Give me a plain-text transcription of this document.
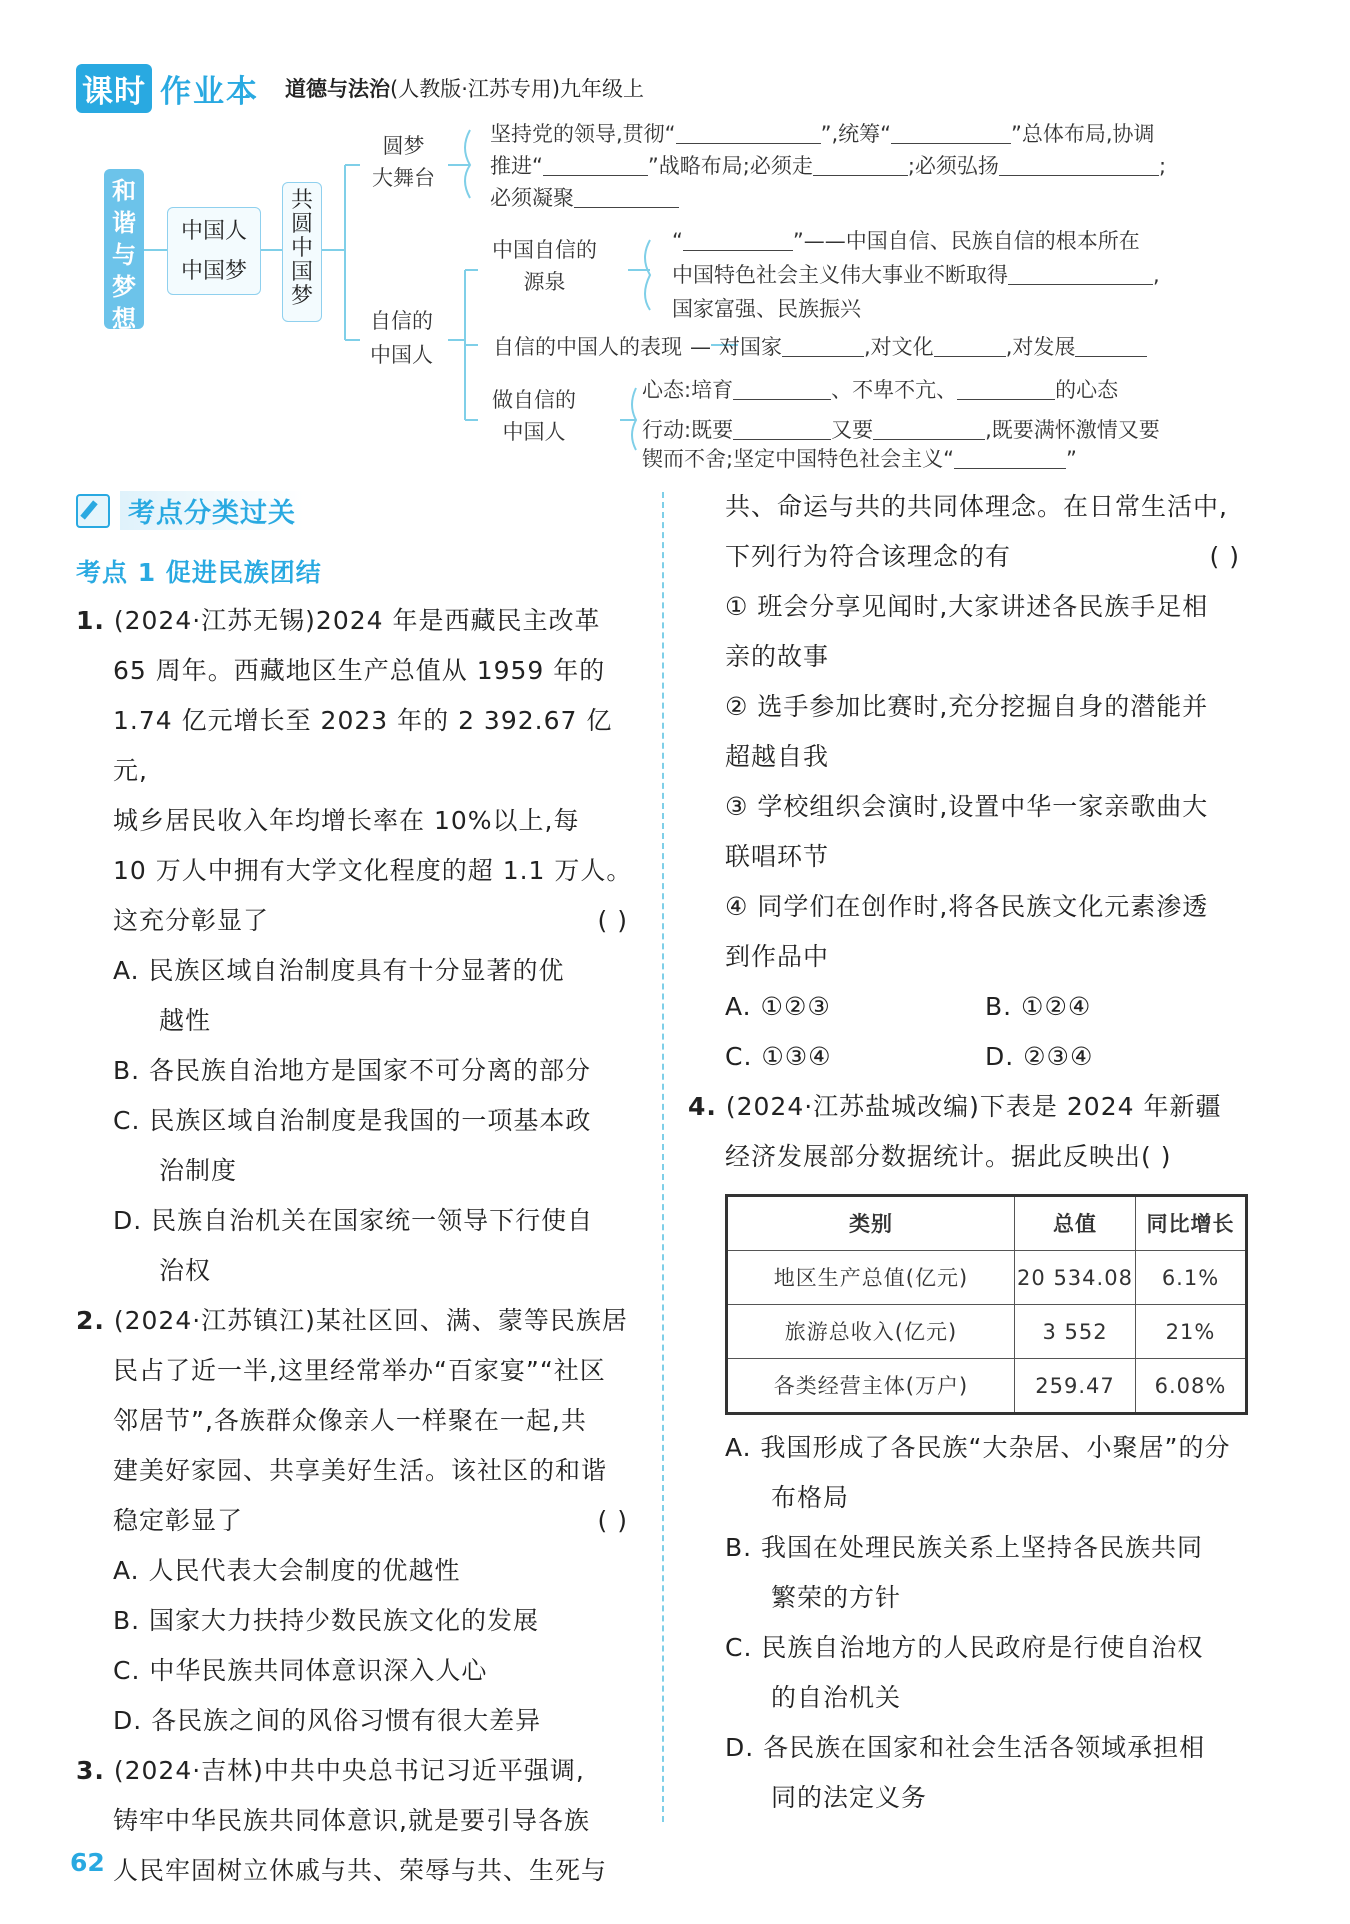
课时 作业本 道德与法治(人教版·江苏专用)九年级上
和谐与梦想
中国人
中国梦
共圆中国梦
圆梦
大舞台
坚持党的领导,贯彻“	”,统筹“	”总体布局,协调
推进“	”战略布局;必须走	;必须弘扬	;
必须凝聚
自信的
中国人
中国自信的
源泉
“	”——中国自信、民族自信的根本所在
中国特色社会主义伟大事业不断取得	,
国家富强、民族振兴
自信的中国人的表现 — 对国家	,对文化	,对发展
做自信的
中国人
心态:培育	、不卑不亢、	的心态
行动:既要	又要	,既要满怀激情又要
锲而不舍;坚定中国特色社会主义“	”
考点分类过关
考点 1 促进民族团结
1. (2024·江苏无锡)2024 年是西藏民主改革
65 周年。西藏地区生产总值从 1959 年的
1.74 亿元增长至 2023 年的 2 392.67 亿元,
城乡居民收入年均增长率在 10%以上,每
10 万人中拥有大学文化程度的超 1.1 万人。
这充分彰显了	( )
A. 民族区域自治制度具有十分显著的优
越性
B. 各民族自治地方是国家不可分离的部分
C. 民族区域自治制度是我国的一项基本政
治制度
D. 民族自治机关在国家统一领导下行使自
治权
2. (2024·江苏镇江)某社区回、满、蒙等民族居
民占了近一半,这里经常举办“百家宴”“社区
邻居节”,各族群众像亲人一样聚在一起,共
建美好家园、共享美好生活。该社区的和谐
稳定彰显了	( )
A. 人民代表大会制度的优越性
B. 国家大力扶持少数民族文化的发展
C. 中华民族共同体意识深入人心
D. 各民族之间的风俗习惯有很大差异
3. (2024·吉林)中共中央总书记习近平强调,
铸牢中华民族共同体意识,就是要引导各族
人民牢固树立休戚与共、荣辱与共、生死与
共、命运与共的共同体理念。在日常生活中,
下列行为符合该理念的有	( )
① 班会分享见闻时,大家讲述各民族手足相
亲的故事
② 选手参加比赛时,充分挖掘自身的潜能并
超越自我
③ 学校组织会演时,设置中华一家亲歌曲大
联唱环节
④ 同学们在创作时,将各民族文化元素渗透
到作品中
A. ①②③	B. ①②④
C. ①③④	D. ②③④
4. (2024·江苏盐城改编)下表是 2024 年新疆
经济发展部分数据统计。据此反映出( )
类别	总值	同比增长
地区生产总值(亿元)	20 534.08	6.1%
旅游总收入(亿元)	3 552	21%
各类经营主体(万户)	259.47	6.08%
A. 我国形成了各民族“大杂居、小聚居”的分
布格局
B. 我国在处理民族关系上坚持各民族共同
繁荣的方针
C. 民族自治地方的人民政府是行使自治权
的自治机关
D. 各民族在国家和社会生活各领域承担相
同的法定义务
62
